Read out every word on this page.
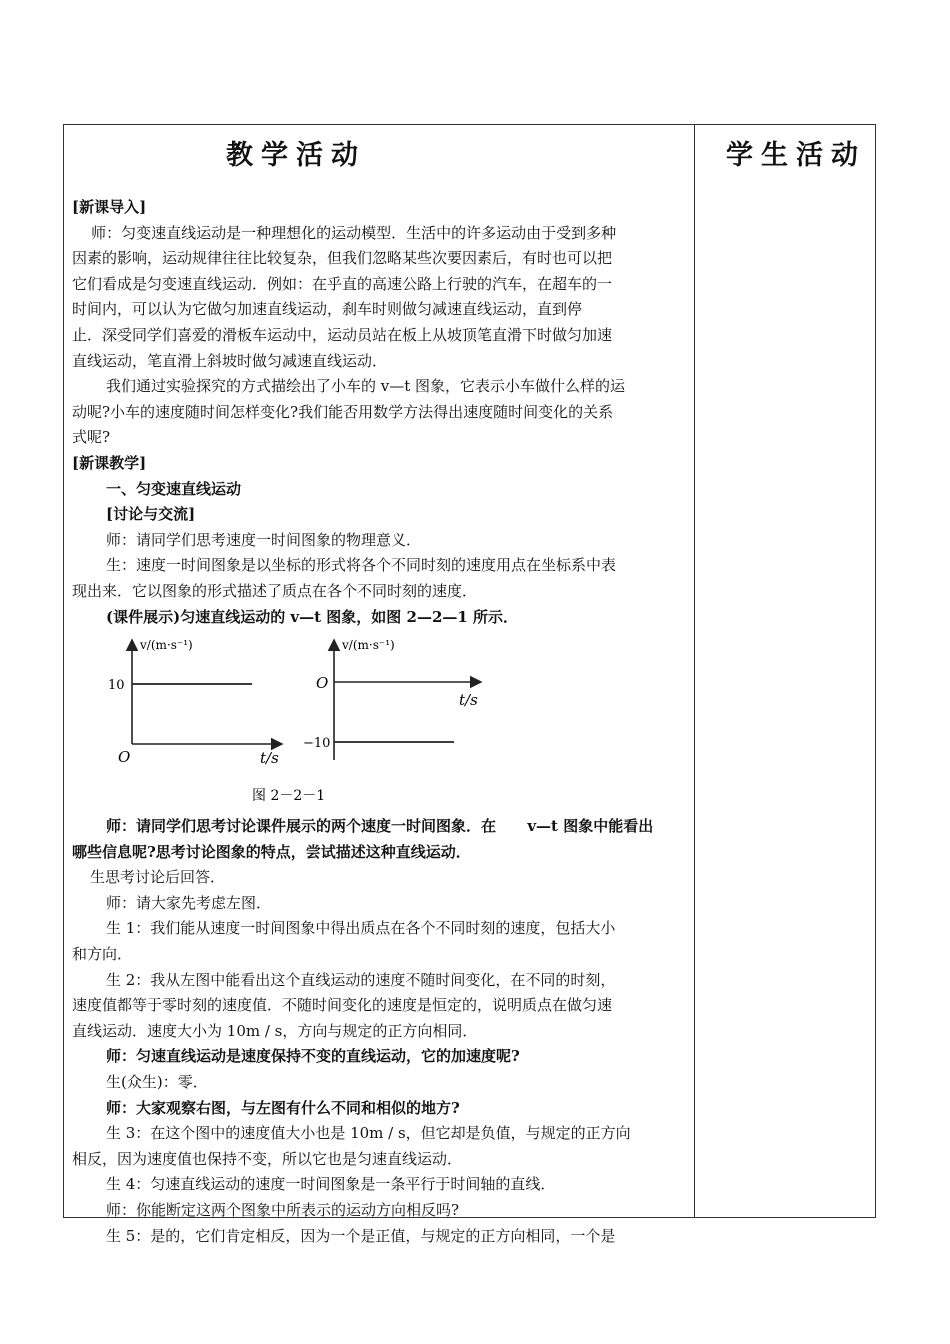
教学活动	学生活动

[新课导入]

师：匀变速直线运动是一种理想化的运动模型．生活中的许多运动由于受到多种

因素的影响，运动规律往往比较复杂，但我们忽略某些次要因素后，有时也可以把

它们看成是匀变速直线运动．例如：在乎直的高速公路上行驶的汽车，在超车的一

时间内，可以认为它做匀加速直线运动，刹车时则做匀减速直线运动，直到停

止．深受同学们喜爱的滑板车运动中，运动员站在板上从坡顶笔直滑下时做匀加速

直线运动，笔直滑上斜坡时做匀减速直线运动．

我们通过实验探究的方式描绘出了小车的 v—t 图象，它表示小车做什么样的运

动呢?小车的速度随时间怎样变化?我们能否用数学方法得出速度随时间变化的关系

式呢?

[新课教学]

一、匀变速直线运动

[讨论与交流]

师：请同学们思考速度一时间图象的物理意义．

生：速度一时间图象是以坐标的形式将各个不同时刻的速度用点在坐标系中表

现出来．它以图象的形式描述了质点在各个不同时刻的速度．

(课件展示)匀速直线运动的 v—t 图象，如图 2—2—1 所示．

v/(m·s⁻¹)
10
O	t/s
v/(m·s⁻¹)
O
t/s
−10
图 2－2－1

师：请同学们思考讨论课件展示的两个速度一时间图象．在      v—t 图象中能看出

哪些信息呢?思考讨论图象的特点，尝试描述这种直线运动．

生思考讨论后回答．

师：请大家先考虑左图．

生 1：我们能从速度一时间图象中得出质点在各个不同时刻的速度，包括大小

和方向．

生 2：我从左图中能看出这个直线运动的速度不随时间变化，在不同的时刻，

速度值都等于零时刻的速度值．不随时间变化的速度是恒定的，说明质点在做匀速

直线运动．速度大小为 10m / s，方向与规定的正方向相同．

师：匀速直线运动是速度保持不变的直线运动，它的加速度呢?

生(众生)：零．

师：大家观察右图，与左图有什么不同和相似的地方?

生 3：在这个图中的速度值大小也是 10m / s，但它却是负值，与规定的正方向

相反，因为速度值也保持不变，所以它也是匀速直线运动．

生 4：匀速直线运动的速度一时间图象是一条平行于时间轴的直线．

师：你能断定这两个图象中所表示的运动方向相反吗?

生 5：是的，它们肯定相反，因为一个是正值，与规定的正方向相同，一个是
